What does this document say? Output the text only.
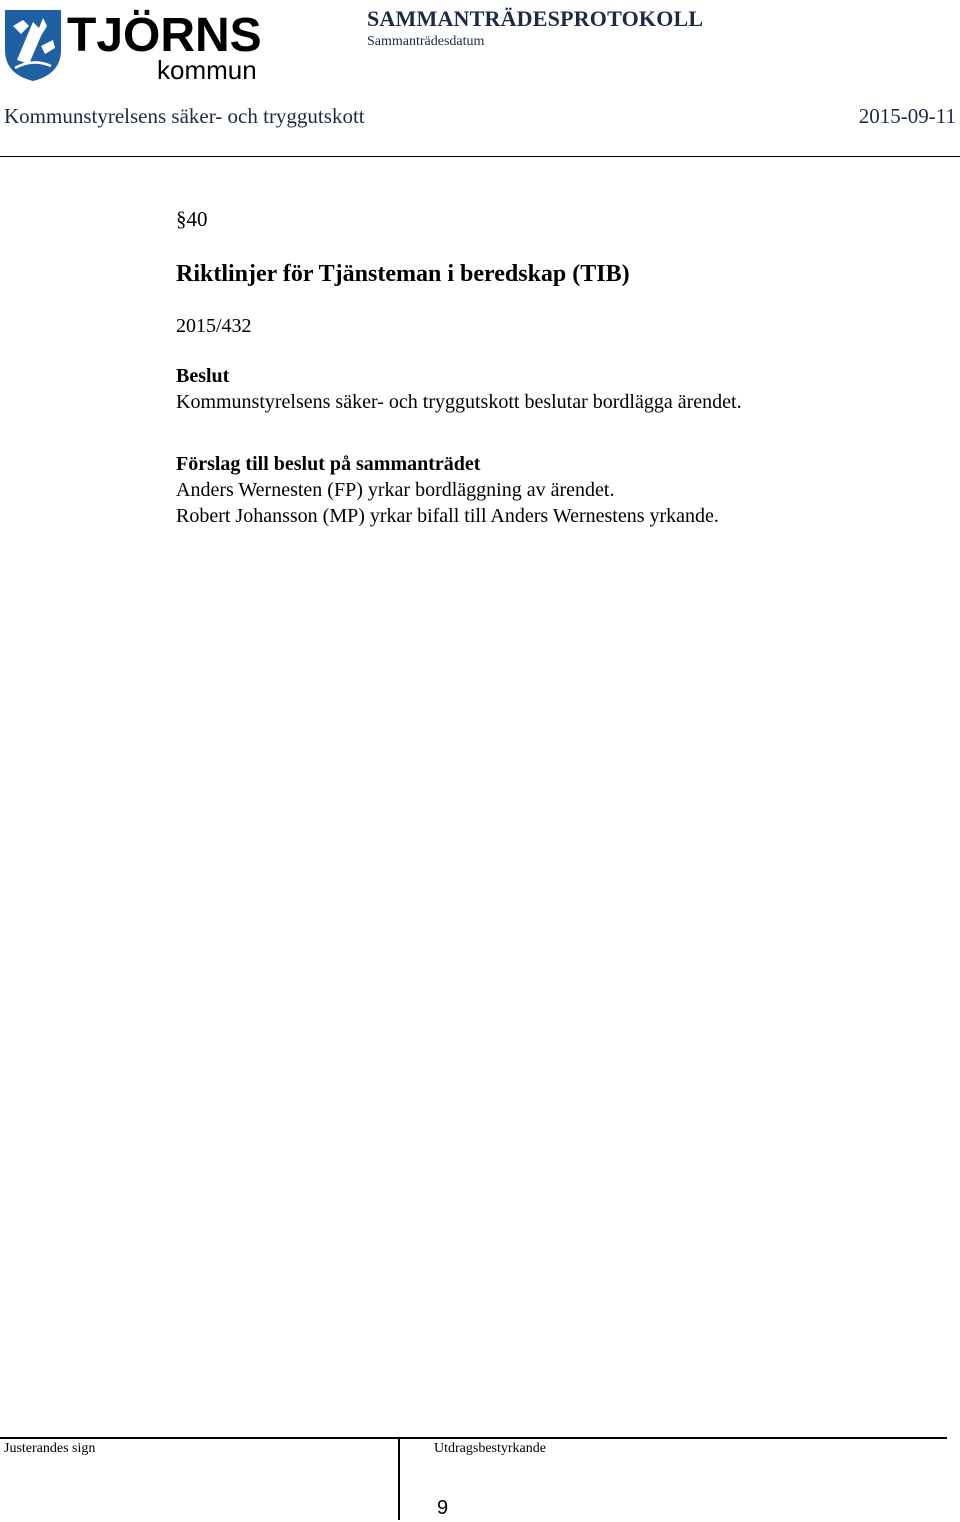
TJÖRNS
kommun
SAMMANTRÄDESPROTOKOLL
Sammanträdesdatum
Kommunstyrelsens säker- och tryggutskott	2015-09-11
§40
Riktlinjer för Tjänsteman i beredskap (TIB)
2015/432
Beslut
Kommunstyrelsens säker- och tryggutskott beslutar bordlägga ärendet.
Förslag till beslut på sammanträdet
Anders Wernesten (FP) yrkar bordläggning av ärendet.
Robert Johansson (MP) yrkar bifall till Anders Wernestens yrkande.
Justerandes sign	Utdragsbestyrkande
9
